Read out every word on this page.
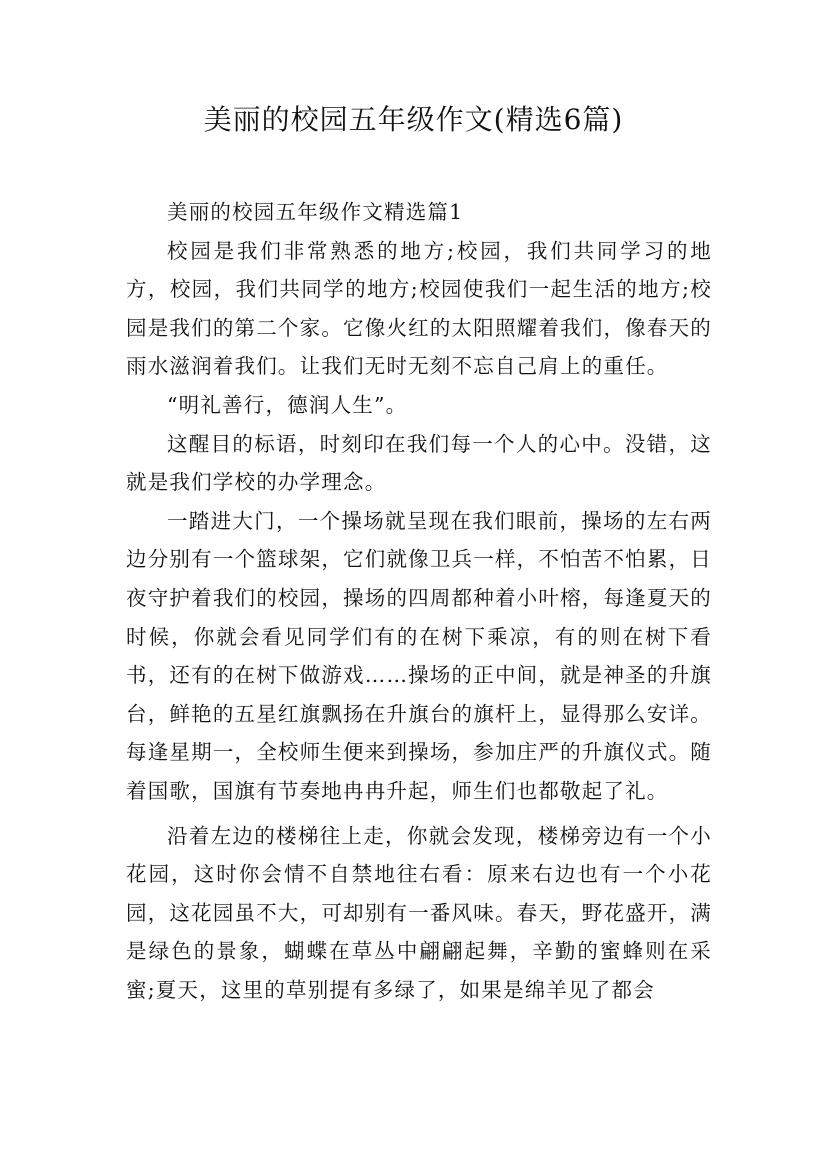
美丽的校园五年级作文(精选6篇)

美丽的校园五年级作文精选篇1

校园是我们非常熟悉的地方;校园，我们共同学习的地方，校园，我们共同学的地方;校园使我们一起生活的地方;校园是我们的第二个家。它像火红的太阳照耀着我们，像春天的雨水滋润着我们。让我们无时无刻不忘自己肩上的重任。

“明礼善行，德润人生”。

这醒目的标语，时刻印在我们每一个人的心中。没错，这就是我们学校的办学理念。

一踏进大门，一个操场就呈现在我们眼前，操场的左右两边分别有一个篮球架，它们就像卫兵一样，不怕苦不怕累，日夜守护着我们的校园，操场的四周都种着小叶榕，每逢夏天的时候，你就会看见同学们有的在树下乘凉，有的则在树下看书，还有的在树下做游戏……操场的正中间，就是神圣的升旗台，鲜艳的五星红旗飘扬在升旗台的旗杆上，显得那么安详。每逢星期一，全校师生便来到操场，参加庄严的升旗仪式。随着国歌，国旗有节奏地冉冉升起，师生们也都敬起了礼。

沿着左边的楼梯往上走，你就会发现，楼梯旁边有一个小花园，这时你会情不自禁地往右看：原来右边也有一个小花园，这花园虽不大，可却别有一番风味。春天，野花盛开，满是绿色的景象，蝴蝶在草丛中翩翩起舞，辛勤的蜜蜂则在采蜜;夏天，这里的草别提有多绿了，如果是绵羊见了都会
